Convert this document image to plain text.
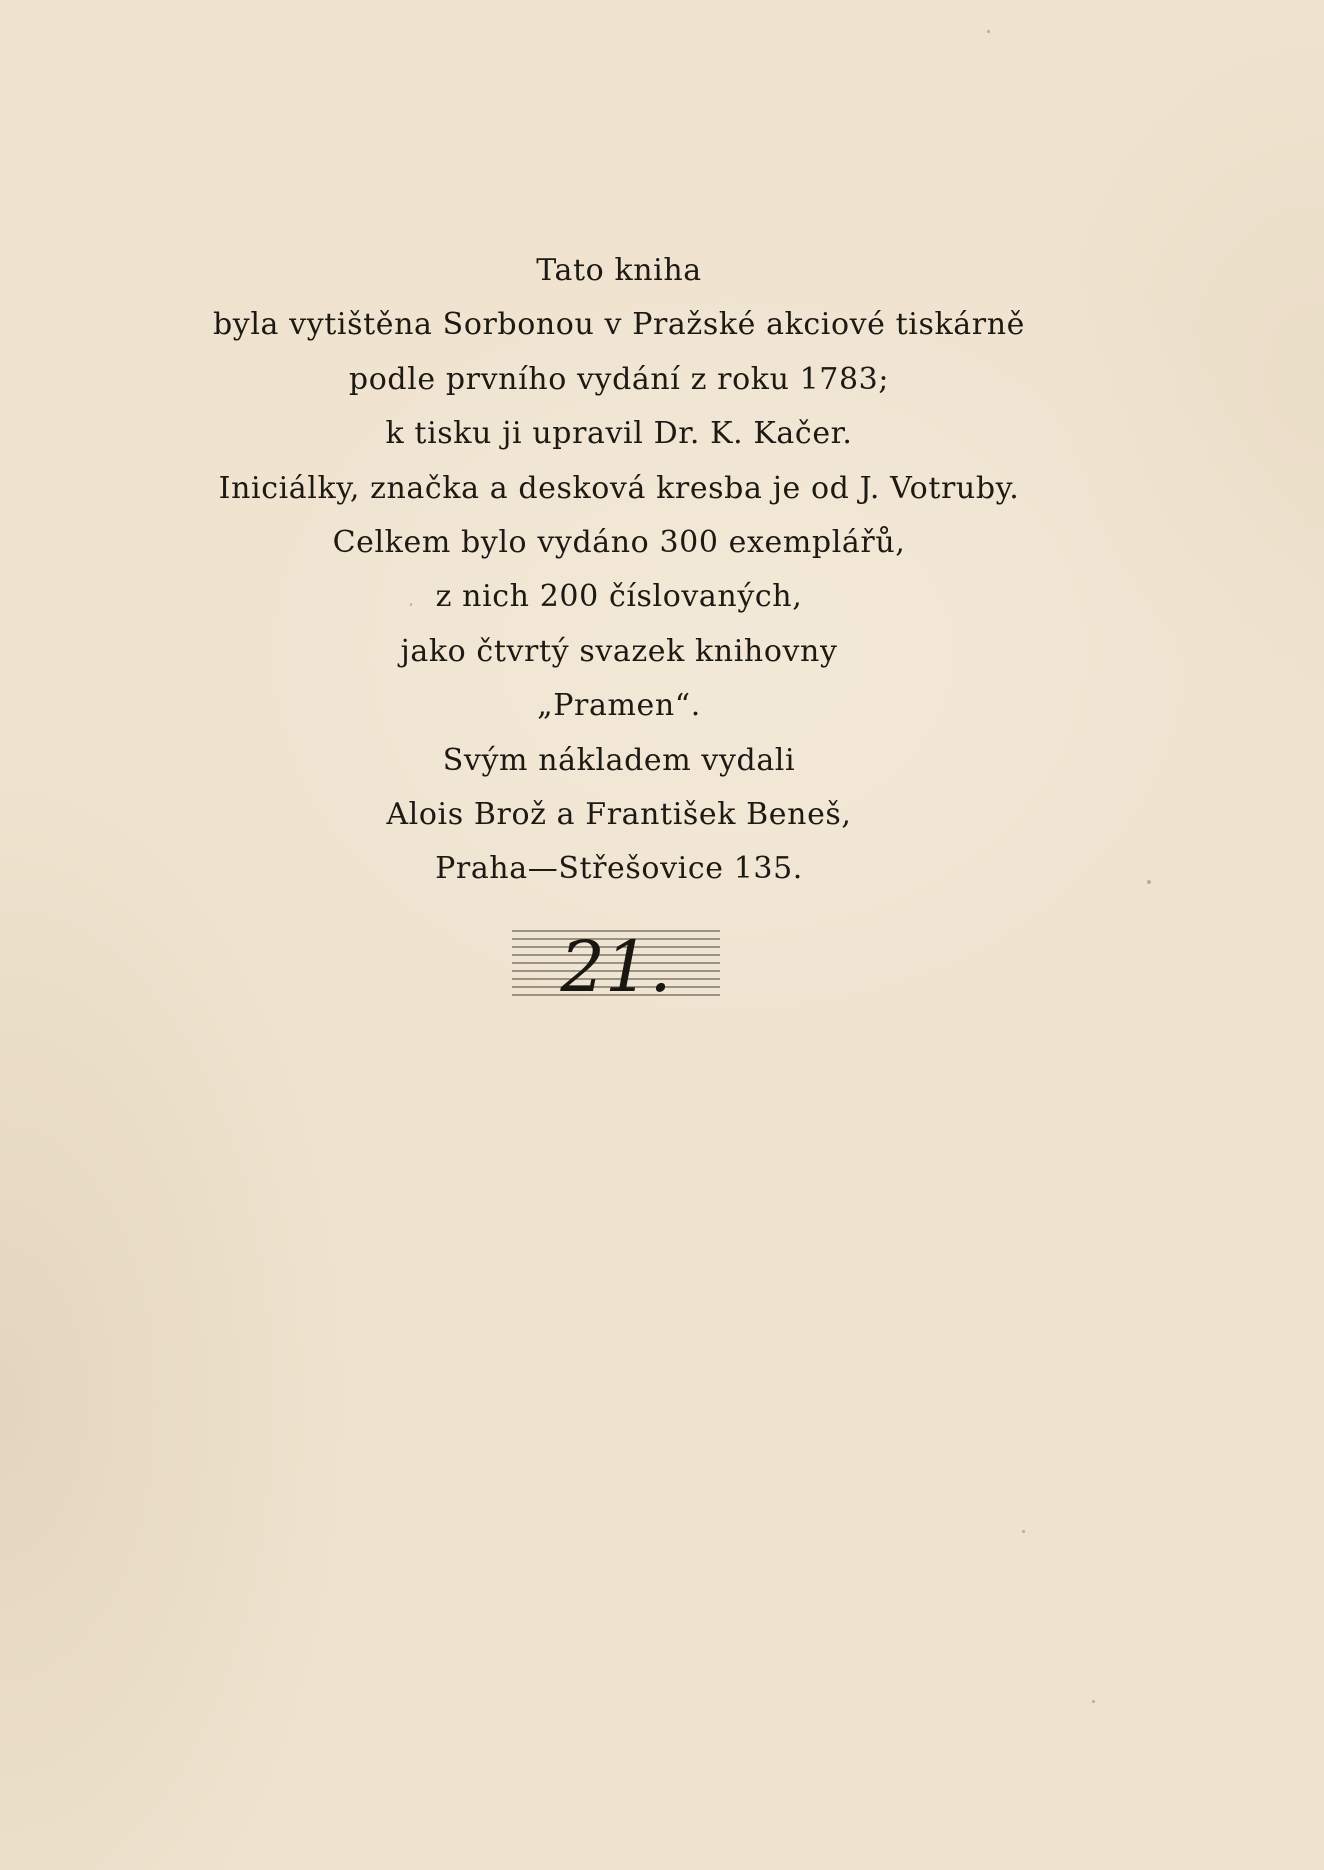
Tato kniha
byla vytištěna Sorbonou v Pražské akciové tiskárně
podle prvního vydání z roku 1783;
k tisku ji upravil Dr. K. Kačer.
Iniciálky, značka a desková kresba je od J. Votruby.
Celkem bylo vydáno 300 exemplářů,
z nich 200 číslovaných,
jako čtvrtý svazek knihovny
„Pramen“.
Svým nákladem vydali
Alois Brož a František Beneš,
Praha—Střešovice 135.
21.
